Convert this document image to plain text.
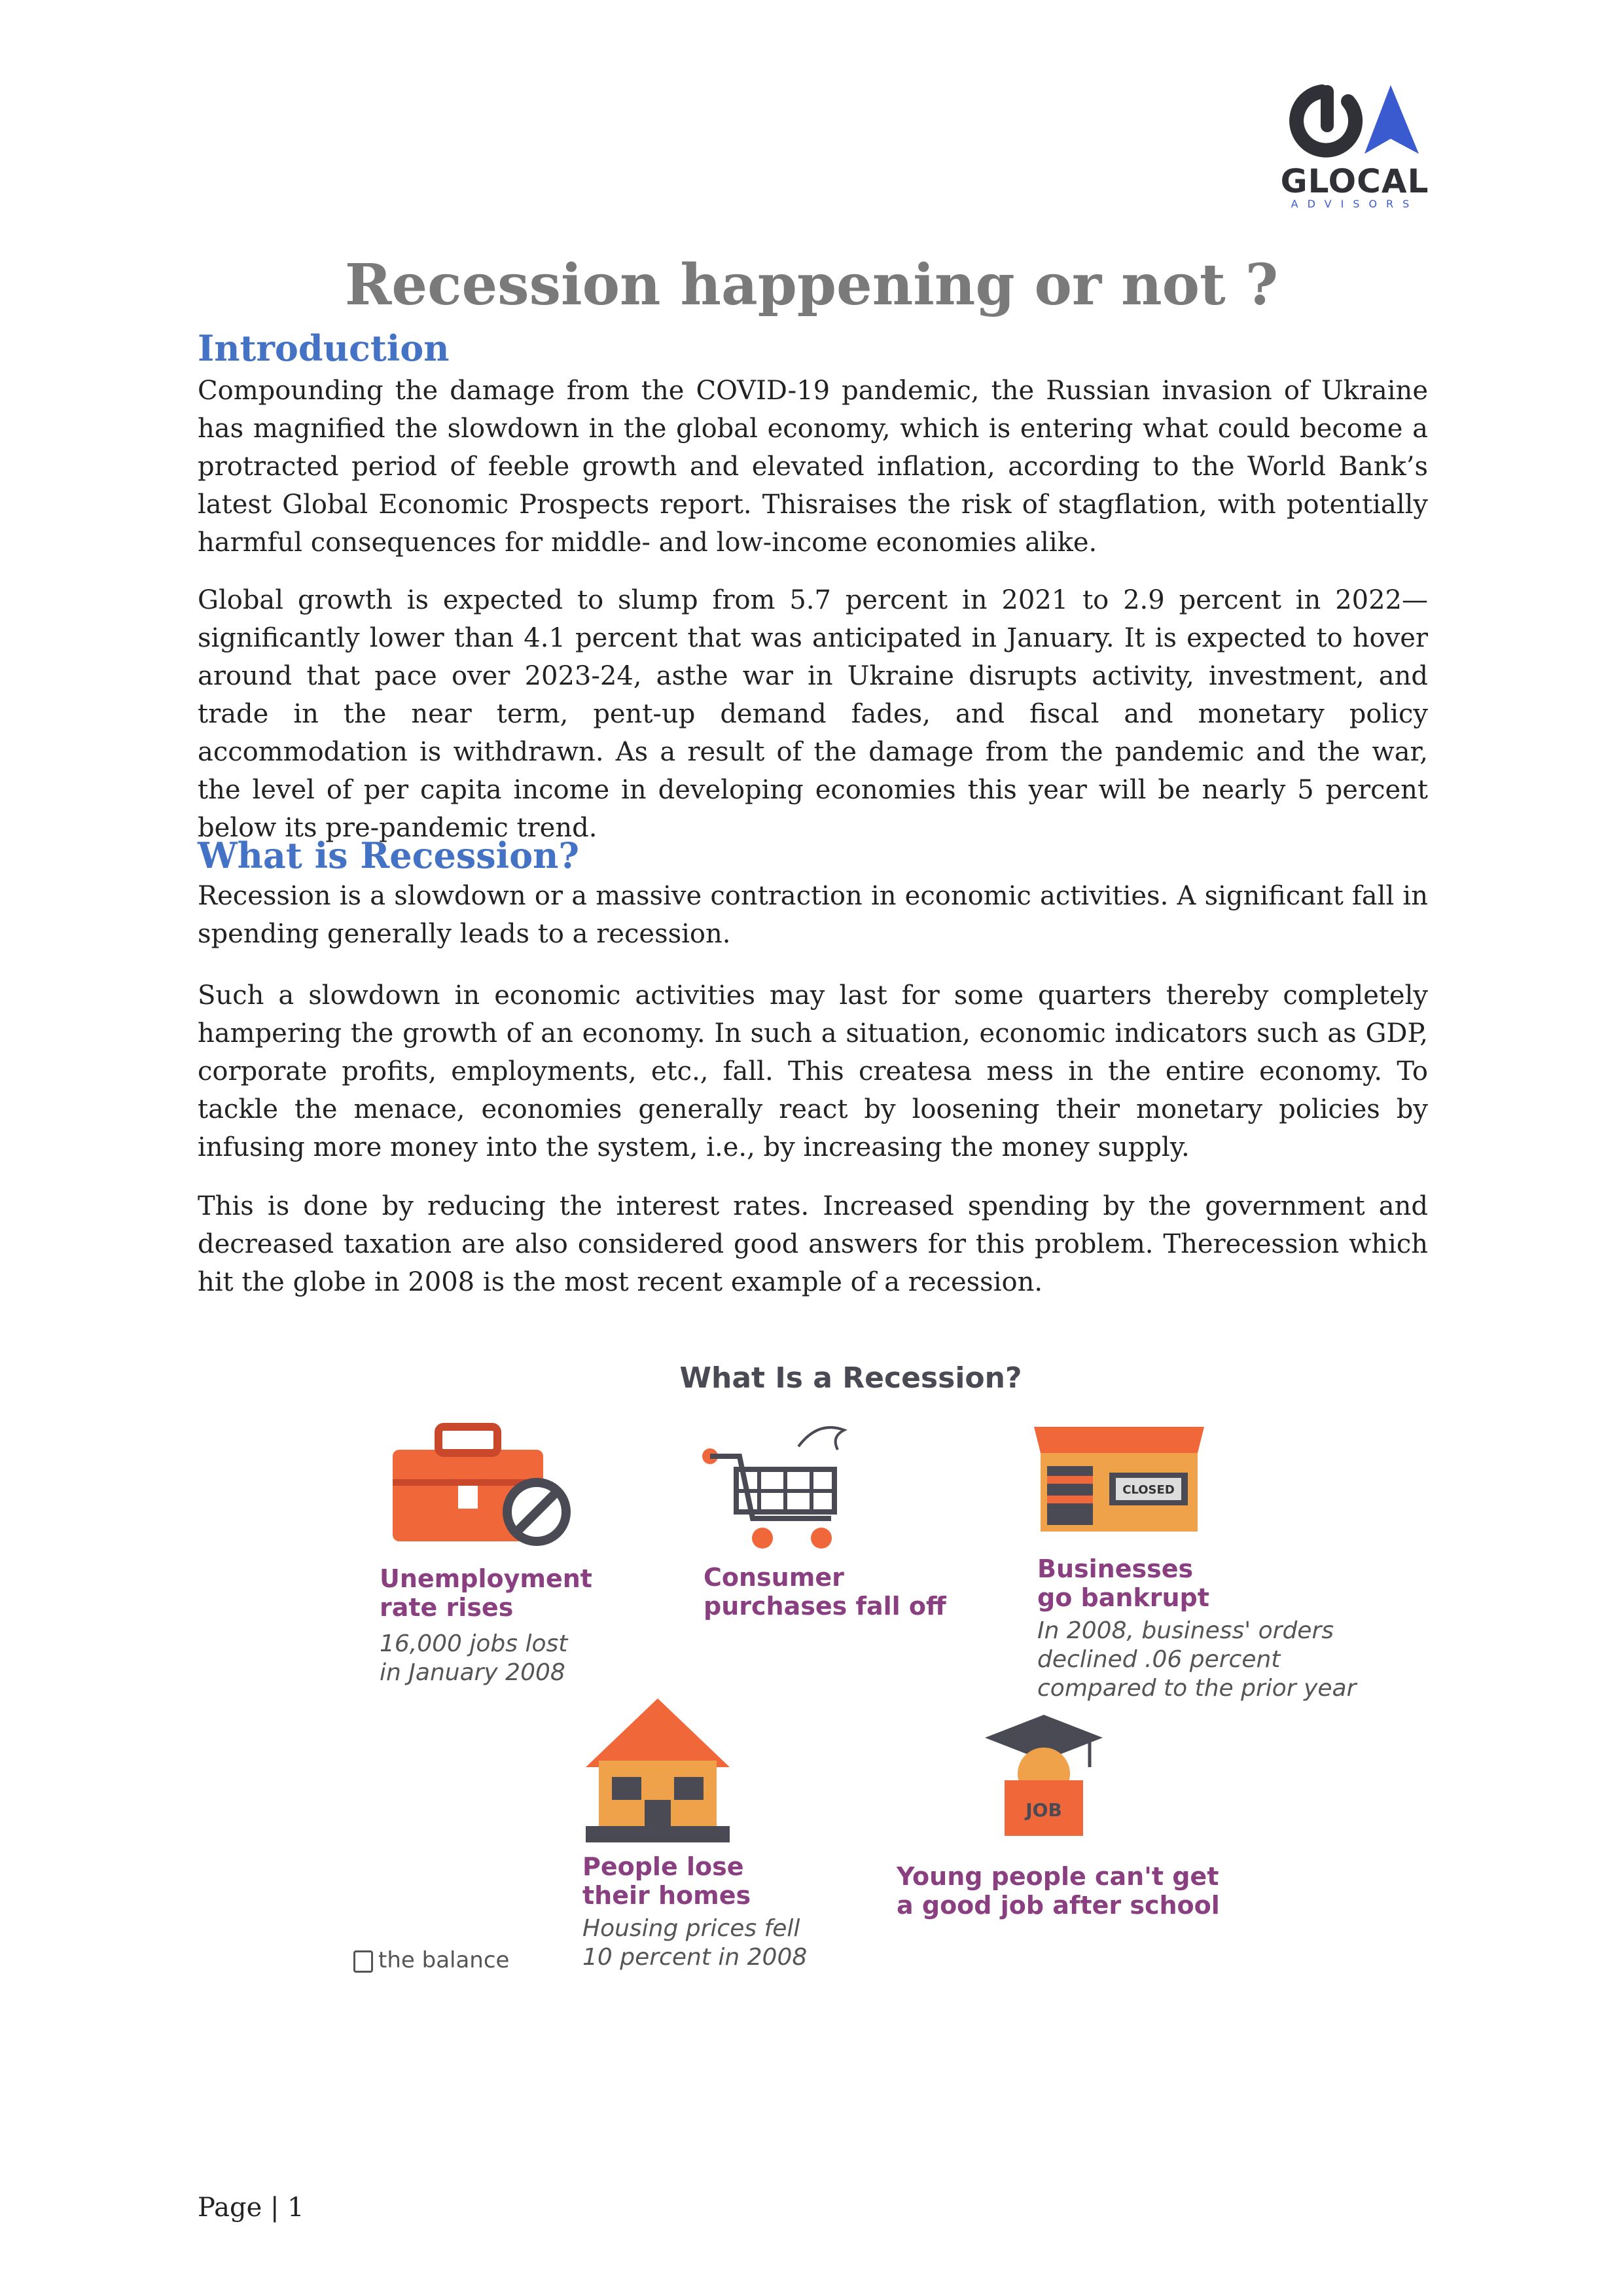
GLOCAL
ADVISORS
Recession happening or not ?
Introduction
Compounding the damage from the COVID-19 pandemic, the Russian invasion of Ukraine has magnified the slowdown in the global economy, which is entering what could become a protracted period of feeble growth and elevated inflation, according to the World Bank’s latest Global Economic Prospects report. Thisraises the risk of stagflation, with potentially harmful consequences for middle- and low-income economies alike.
Global growth is expected to slump from 5.7 percent in 2021 to 2.9 percent in 2022— significantly lower than 4.1 percent that was anticipated in January. It is expected to hover around that pace over 2023-24, asthe war in Ukraine disrupts activity, investment, and trade in the near term, pent-up demand fades, and fiscal and monetary policy accommodation is withdrawn. As a result of the damage from the pandemic and the war, the level of per capita income in developing economies this year will be nearly 5 percent below its pre-pandemic trend.
What is Recession?
Recession is a slowdown or a massive contraction in economic activities. A significant fall in spending generally leads to a recession.
Such a slowdown in economic activities may last for some quarters thereby completely hampering the growth of an economy. In such a situation, economic indicators such as GDP, corporate profits, employments, etc., fall. This createsa mess in the entire economy. To tackle the menace, economies generally react by loosening their monetary policies by infusing more money into the system, i.e., by increasing the money supply.
This is done by reducing the interest rates. Increased spending by the government and decreased taxation are also considered good answers for this problem. Therecession which hit the globe in 2008 is the most recent example of a recession.
What Is a Recession?
Unemployment
rate rises
16,000 jobs lost
in January 2008
Consumer
purchases fall off
CLOSED
Businesses
go bankrupt
In 2008, business' orders
declined .06 percent
compared to the prior year
People lose
their homes
Housing prices fell
10 percent in 2008
JOB
Young people can't get
a good job after school
the balance
Page | 1
